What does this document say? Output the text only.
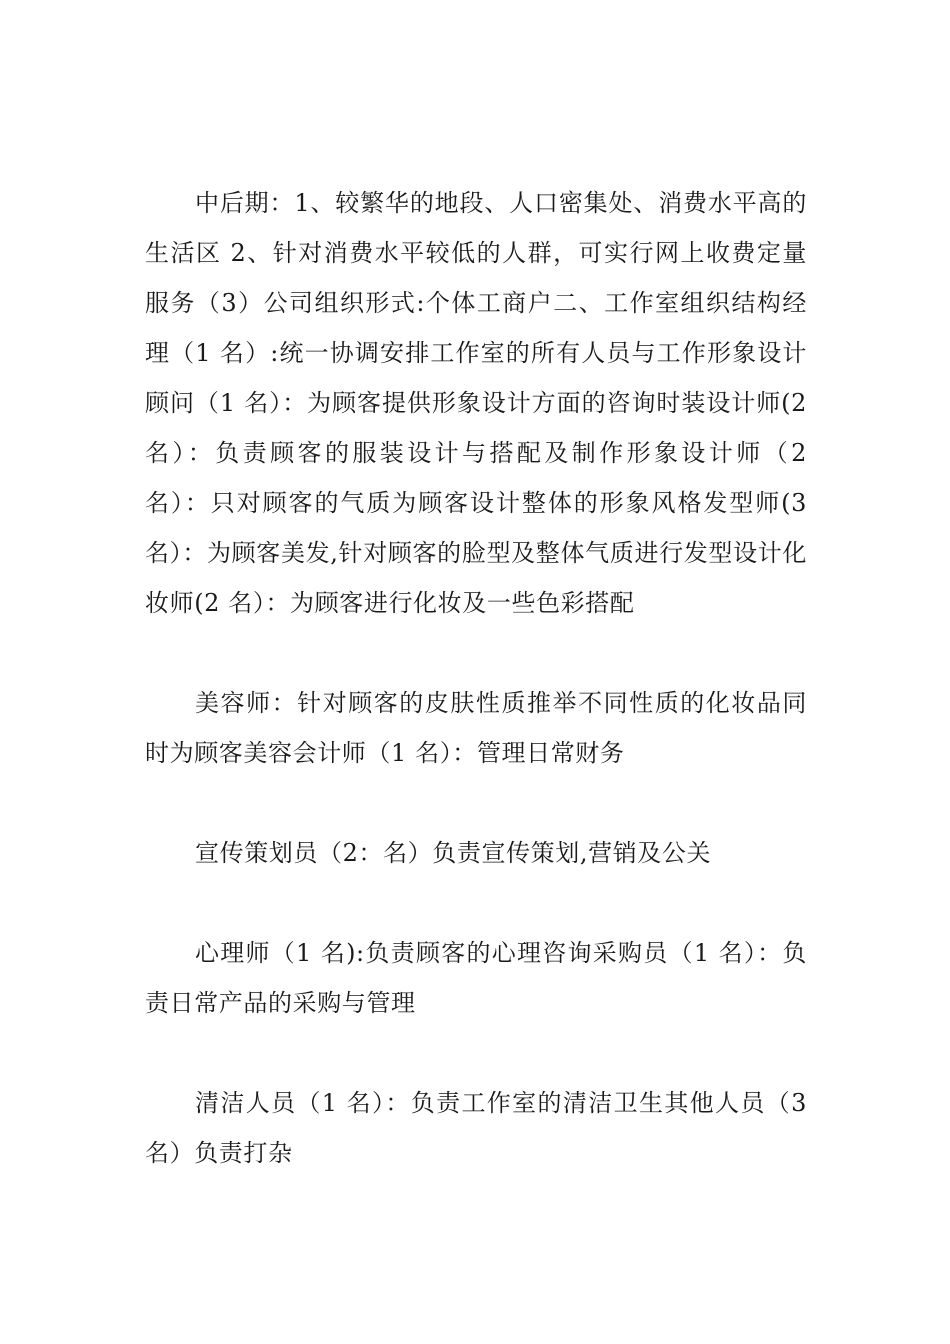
中后期：1、较繁华的地段、人口密集处、消费水平高的生活区 2、针对消费水平较低的人群，可实行网上收费定量服务（3）公司组织形式:个体工商户二、工作室组织结构经理（1 名）:统一协调安排工作室的所有人员与工作形象设计顾问（1 名）：为顾客提供形象设计方面的咨询时装设计师(2 名）：负责顾客的服装设计与搭配及制作形象设计师（2 名）：只对顾客的气质为顾客设计整体的形象风格发型师(3 名）：为顾客美发,针对顾客的脸型及整体气质进行发型设计化妆师(2 名）：为顾客进行化妆及一些色彩搭配

美容师：针对顾客的皮肤性质推举不同性质的化妆品同时为顾客美容会计师（1 名）：管理日常财务

宣传策划员（2：名）负责宣传策划,营销及公关

心理师（1 名):负责顾客的心理咨询采购员（1 名）：负责日常产品的采购与管理

清洁人员（1 名）：负责工作室的清洁卫生其他人员（3 名）负责打杂
